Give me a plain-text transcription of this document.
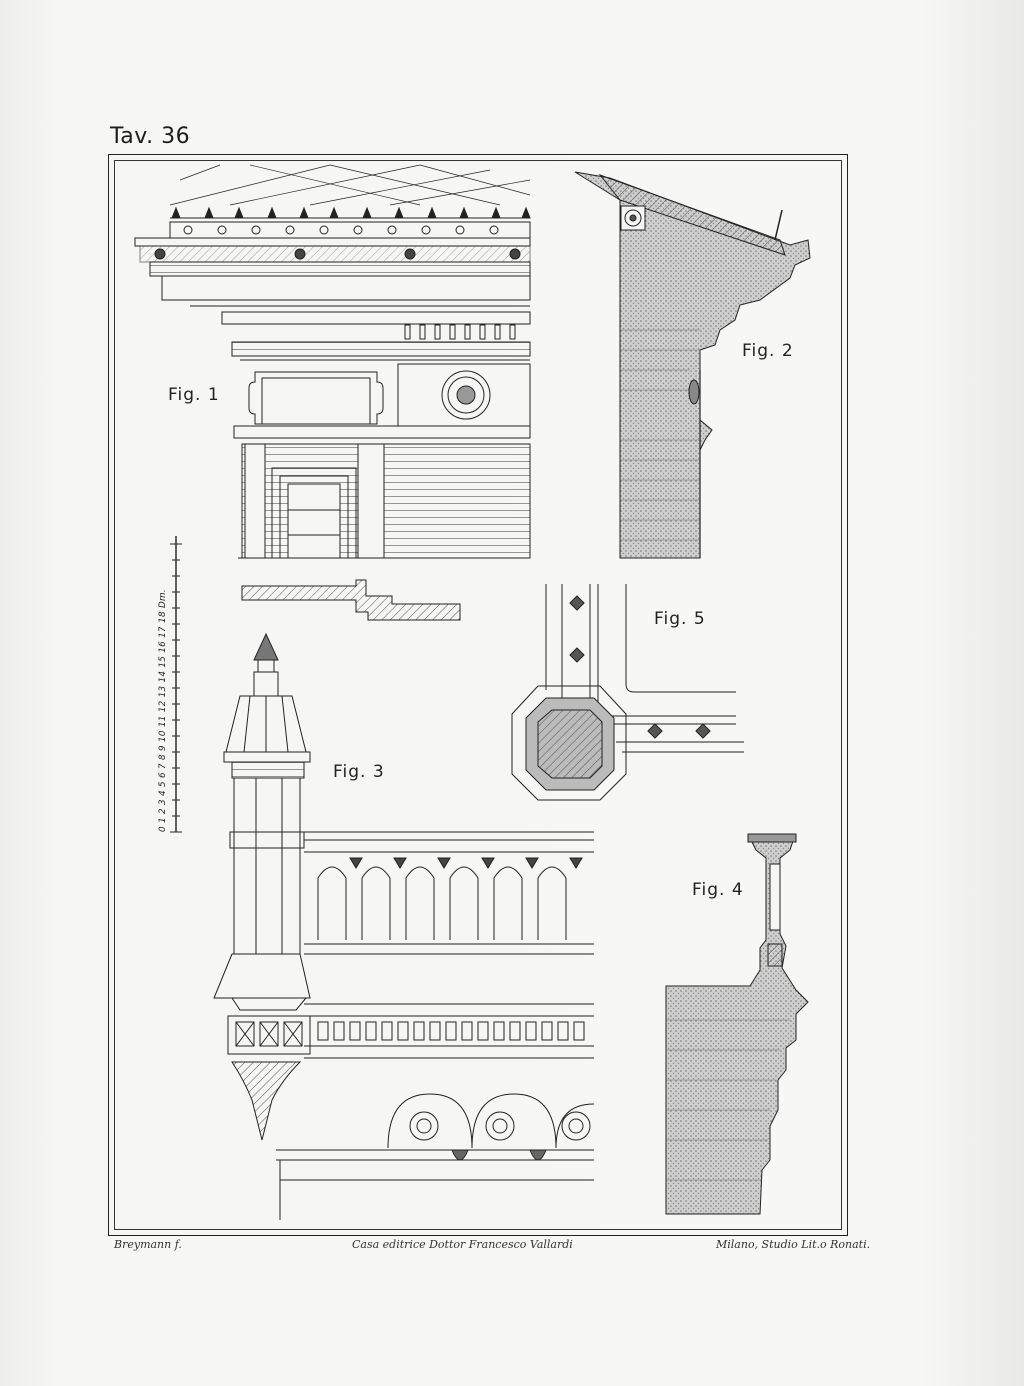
Tav. 36
Fig. 1
Fig. 2
Fig. 3
Fig. 4
Fig. 5
0 1 2 3 4 5 6 7 8 9 10 11 12 13 14 15 16 17 18 Dm.
Breymann f.	Casa editrice Dottor Francesco Vallardi	Milano, Studio Lit.o Ronati.
